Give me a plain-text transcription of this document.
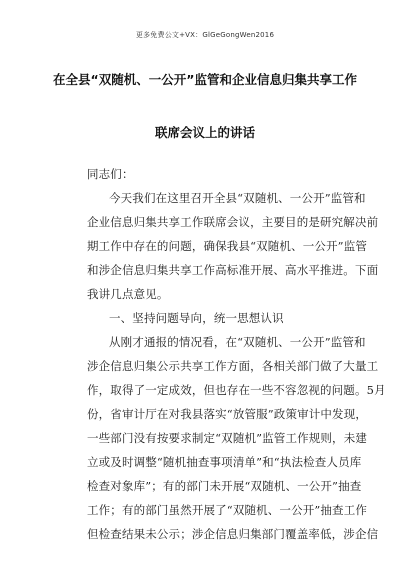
更多免费公文+VX：GlGeGongWen2016
在全县“双随机、一公开”监管和企业信息归集共享工作
联席会议上的讲话
同志们：
今天我们在这里召开全县“双随机、一公开”监管和
企业信息归集共享工作联席会议，主要目的是研究解决前
期工作中存在的问题，确保我县“双随机、一公开”监管
和涉企信息归集共享工作高标准开展、高水平推进。下面
我讲几点意见。
一、坚持问题导向，统一思想认识
从刚才通报的情况看，在“双随机、一公开”监管和
涉企信息归集公示共享工作方面，各相关部门做了大量工
作，取得了一定成效，但也存在一些不容忽视的问题。5月
份，省审计厅在对我县落实“放管服”政策审计中发现，
一些部门没有按要求制定“双随机”监管工作规则，未建
立或及时调整“随机抽查事项清单”和“执法检查人员库
检查对象库”；有的部门未开展“双随机、一公开”抽查
工作；有的部门虽然开展了“双随机、一公开”抽查工作
但检查结果未公示；涉企信息归集部门覆盖率低，涉企信
